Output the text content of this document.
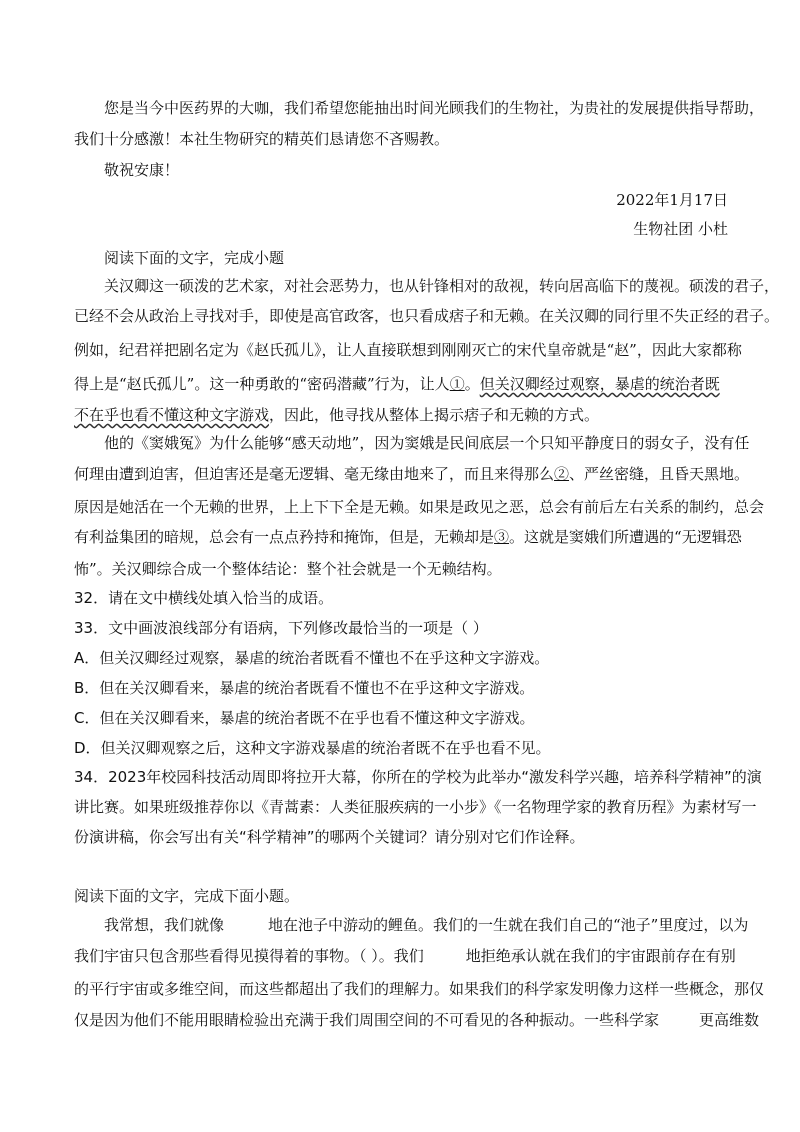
您是当今中医药界的大咖，我们希望您能抽出时间光顾我们的生物社，为贵社的发展提供指导帮助，
我们十分感激！本社生物研究的精英们恳请您不吝赐教。
敬祝安康！
2022年1月17日
生物社团 小杜
阅读下面的文字，完成小题
关汉卿这一硕泼的艺术家，对社会恶势力，也从针锋相对的敌视，转向居高临下的蔑视。硕泼的君子，
已经不会从政治上寻找对手，即使是高官政客，也只看成痞子和无赖。在关汉卿的同行里不失正经的君子。
例如，纪君祥把剧名定为《赵氏孤儿》，让人直接联想到刚刚灭亡的宋代皇帝就是“赵”，因此大家都称
得上是“赵氏孤儿”。这一种勇敢的“密码潜藏”行为，让人①。但关汉卿经过观察，暴虐的统治者既
不在乎也看不懂这种文字游戏，因此，他寻找从整体上揭示痞子和无赖的方式。
他的《窦娥冤》为什么能够“感天动地”，因为窦娥是民间底层一个只知平静度日的弱女子，没有任
何理由遭到迫害，但迫害还是毫无逻辑、毫无缘由地来了，而且来得那么②、严丝密缝，且昏天黑地。
原因是她活在一个无赖的世界，上上下下全是无赖。如果是政见之恶，总会有前后左右关系的制约，总会
有利益集团的暗规，总会有一点点矜持和掩饰，但是，无赖却是③。这就是窦娥们所遭遇的“无逻辑恐
怖”。关汉卿综合成一个整体结论：整个社会就是一个无赖结构。
32．请在文中横线处填入恰当的成语。
33．文中画波浪线部分有语病，下列修改最恰当的一项是（ ）
A．但关汉卿经过观察，暴虐的统治者既看不懂也不在乎这种文字游戏。
B．但在关汉卿看来，暴虐的统治者既看不懂也不在乎这种文字游戏。
C．但在关汉卿看来，暴虐的统治者既不在乎也看不懂这种文字游戏。
D．但关汉卿观察之后，这种文字游戏暴虐的统治者既不在乎也看不见。
34．2023年校园科技活动周即将拉开大幕，你所在的学校为此举办“激发科学兴趣，培养科学精神”的演
讲比赛。如果班级推荐你以《青蒿素：人类征服疾病的一小步》《一名物理学家的教育历程》为素材写一
份演讲稿，你会写出有关“科学精神”的哪两个关键词？请分别对它们作诠释。
阅读下面的文字，完成下面小题。
我常想，我们就像	地在池子中游动的鲤鱼。我们的一生就在我们自己的“池子”里度过，以为
我们宇宙只包含那些看得见摸得着的事物。（ ）。我们	地拒绝承认就在我们的宇宙跟前存在有别
的平行宇宙或多维空间，而这些都超出了我们的理解力。如果我们的科学家发明像力这样一些概念，那仅
仅是因为他们不能用眼睛检验出充满于我们周围空间的不可看见的各种振动。一些科学家	更高维数
